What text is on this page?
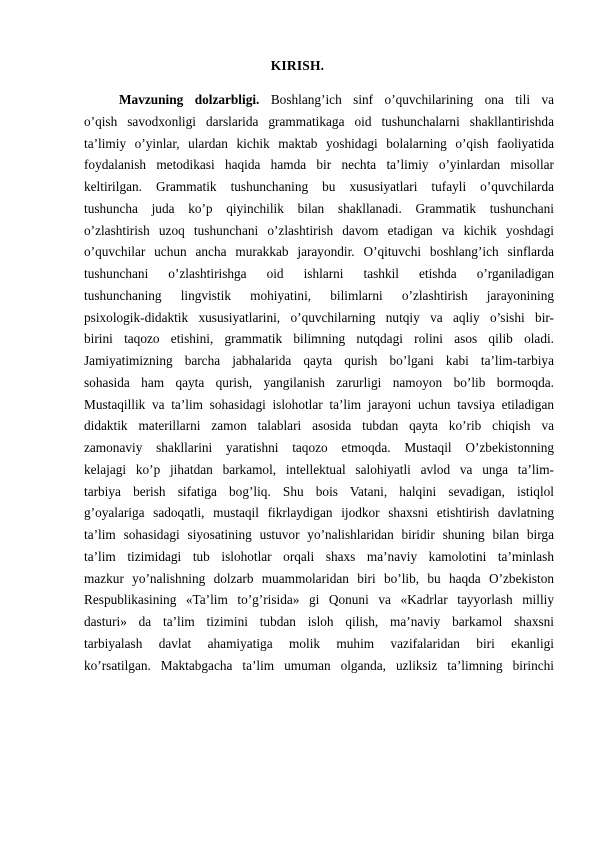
KIRISH.
Mavzuning dolzarbligi. Boshlang’ich sinf o’quvchilarining ona tili va
o’qish savodxonligi darslarida grammatikaga oid tushunchalarni shakllantirishda
ta’limiy o’yinlar, ulardan kichik maktab yoshidagi bolalarning o’qish faoliyatida
foydalanish metodikasi haqida hamda bir nechta ta’limiy o’yinlardan misollar
keltirilgan. Grammatik tushunchaning bu xususiyatlari tufayli o’quvchilarda
tushuncha juda ko’p qiyinchilik bilan shakllanadi. Grammatik tushunchani
o’zlashtirish uzoq tushunchani o’zlashtirish davom etadigan va kichik yoshdagi
o’quvchilar uchun ancha murakkab jarayondir. O’qituvchi boshlang’ich sinflarda
tushunchani o’zlashtirishga oid ishlarni tashkil etishda o’rganiladigan
tushunchaning lingvistik mohiyatini, bilimlarni o’zlashtirish jarayonining
psixologik-didaktik xususiyatlarini, o’quvchilarning nutqiy va aqliy o’sishi bir-
birini taqozo etishini, grammatik bilimning nutqdagi rolini asos qilib oladi.
Jamiyatimizning barcha jabhalarida qayta qurish bo’lgani kabi ta’lim-tarbiya
sohasida ham qayta qurish, yangilanish zarurligi namoyon bo’lib bormoqda.
Mustaqillik va ta’lim sohasidagi islohotlar ta’lim jarayoni uchun tavsiya etiladigan
didaktik materillarni zamon talablari asosida tubdan qayta ko’rib chiqish va
zamonaviy shakllarini yaratishni taqozo etmoqda. Mustaqil O’zbekistonning
kelajagi ko’p jihatdan barkamol, intellektual salohiyatli avlod va unga ta’lim-
tarbiya berish sifatiga bog’liq. Shu bois Vatani, halqini sevadigan, istiqlol
g’oyalariga sadoqatli, mustaqil fikrlaydigan ijodkor shaxsni etishtirish davlatning
ta’lim sohasidagi siyosatining ustuvor yo’nalishlaridan biridir shuning bilan birga
ta’lim tizimidagi tub islohotlar orqali shaxs ma’naviy kamolotini ta’minlash
mazkur yo’nalishning dolzarb muammolaridan biri bo’lib, bu haqda O’zbekiston
Respublikasining «Ta’lim to’g’risida» gi Qonuni va «Kadrlar tayyorlash milliy
dasturi» da ta’lim tizimini tubdan isloh qilish, ma’naviy barkamol shaxsni
tarbiyalash davlat ahamiyatiga molik muhim vazifalaridan biri ekanligi
ko’rsatilgan. Maktabgacha ta’lim umuman olganda, uzliksiz ta’limning birinchi
